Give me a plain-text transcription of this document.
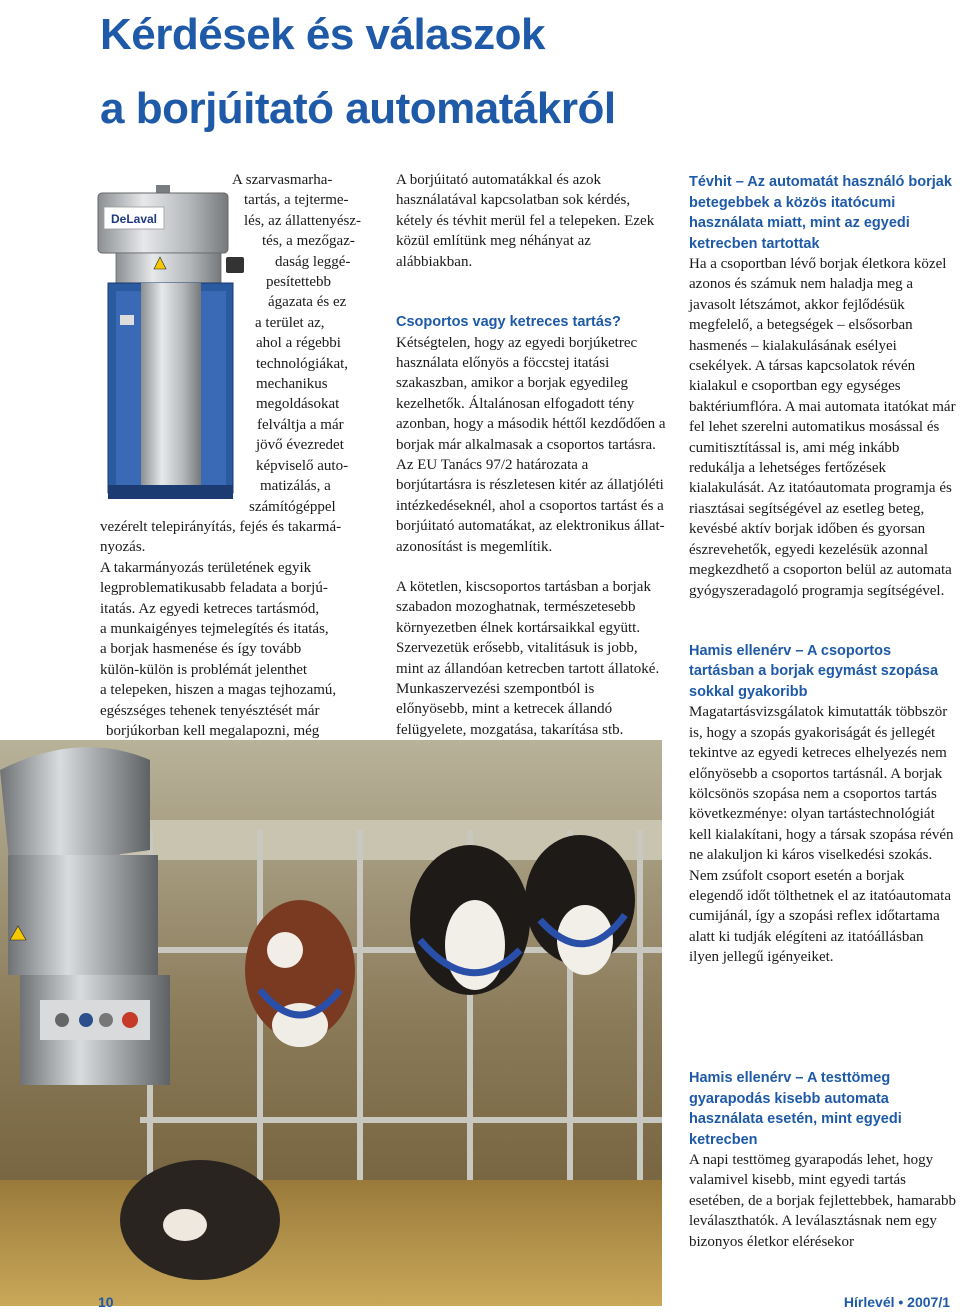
Kérdések és válaszok
a borjúitató automatákról
DeLaval
A szarvasmarha-
tartás, a tejterme-
lés, az állattenyész-
tés, a mezőgaz-
daság leggé-
pesítettebb
ágazata és ez
a terület az,
ahol a régebbi
technológiákat,
mechanikus
megoldásokat
felváltja a már
jövő évezredet
képviselő auto-
matizálás, a
számítógéppel
vezérelt telepirányítás, fejés és takarmá-
nyozás.
A takarmányozás területének egyik
legproblematikusabb feladata a borjú-
itatás. Az egyedi ketreces tartásmód,
a munkaigényes tejmelegítés és itatás,
a borjak hasmenése és így tovább
külön-külön is problémát jelenthet
a telepeken, hiszen a magas tejhozamú,
egészséges tehenek tenyésztését már
borjúkorban kell megalapozni, még

A borjúitató automatákkal és azok használatával kapcsolatban sok kérdés, kétely és tévhit merül fel a telepeken. Ezek közül említünk meg néhányat az alábbiakban.

Csoportos vagy ketreces tartás?

Kétségtelen, hogy az egyedi borjúketrec használata előnyös a föccstej itatási szakaszban, amikor a borjak egyedileg kezelhetők. Általánosan elfogadott tény azonban, hogy a második héttől kezdődően a borjak már alkalmasak a csoportos tartásra. Az EU Tanács 97/2 határozata a borjútartásra is részletesen kitér az állatjóléti intézkedéseknél, ahol a csoportos tartást és a borjúitató automatákat, az elektronikus állat-azonosítást is megemlítik.

A kötetlen, kiscsoportos tartásban a borjak szabadon mozoghatnak, természetesebb környezetben élnek kortársaikkal együtt. Szervezetük erősebb, vitalitásuk is jobb, mint az állandóan ketrecben tartott állatoké. Munkaszervezési szempontból is előnyösebb, mint a ketrecek állandó felügyelete, mozgatása, takarítása stb.

Tévhit – Az automatát használó borjak betegebbek a közös itatócumi használata miatt, mint az egyedi ketrecben tartottak

Ha a csoportban lévő borjak életkora közel azonos és számuk nem haladja meg a javasolt létszámot, akkor fejlődésük megfelelő, a betegségek – elsősorban hasmenés – kialakulásának esélyei csekélyek. A társas kapcsolatok révén kialakul e csoportban egy egységes baktériumflóra. A mai automata itatókat már fel lehet szerelni automatikus mosással és cumitisztítással is, ami még inkább redukálja a lehetséges fertőzések kialakulását. Az itatóautomata programja és riasztásai segítségével az esetleg beteg, kevésbé aktív borjak időben és gyorsan észrevehetők, egyedi kezelésük azonnal megkezdhető a csoporton belül az automata gyógyszeradagoló programja segítségével.

Hamis ellenérv – A csoportos tartásban a borjak egymást szopása sokkal gyakoribb

Magatartásvizsgálatok kimutatták többször is, hogy a szopás gyakoriságát és jellegét tekintve az egyedi ketreces elhelyezés nem előnyösebb a csoportos tartásnál. A borjak kölcsönös szopása nem a csoportos tartás következménye: olyan tartástechnológiát kell kialakítani, hogy a társak szopása révén ne alakuljon ki káros viselkedési szokás. Nem zsúfolt csoport esetén a borjak elegendő időt tölthetnek el az itatóautomata cumijánál, így a szopási reflex időtartama alatt ki tudják elégíteni az itatóállásban ilyen jellegű igényeiket.

Hamis ellenérv – A testtömeg gyarapodás kisebb automata használata esetén, mint egyedi ketrecben

A napi testtömeg gyarapodás lehet, hogy valamivel kisebb, mint egyedi tartás esetében, de a borjak fejlettebbek, hamarabb leválaszthatók. A leválasztásnak nem egy bizonyos életkor elérésekor

10	Hírlevél • 2007/1
